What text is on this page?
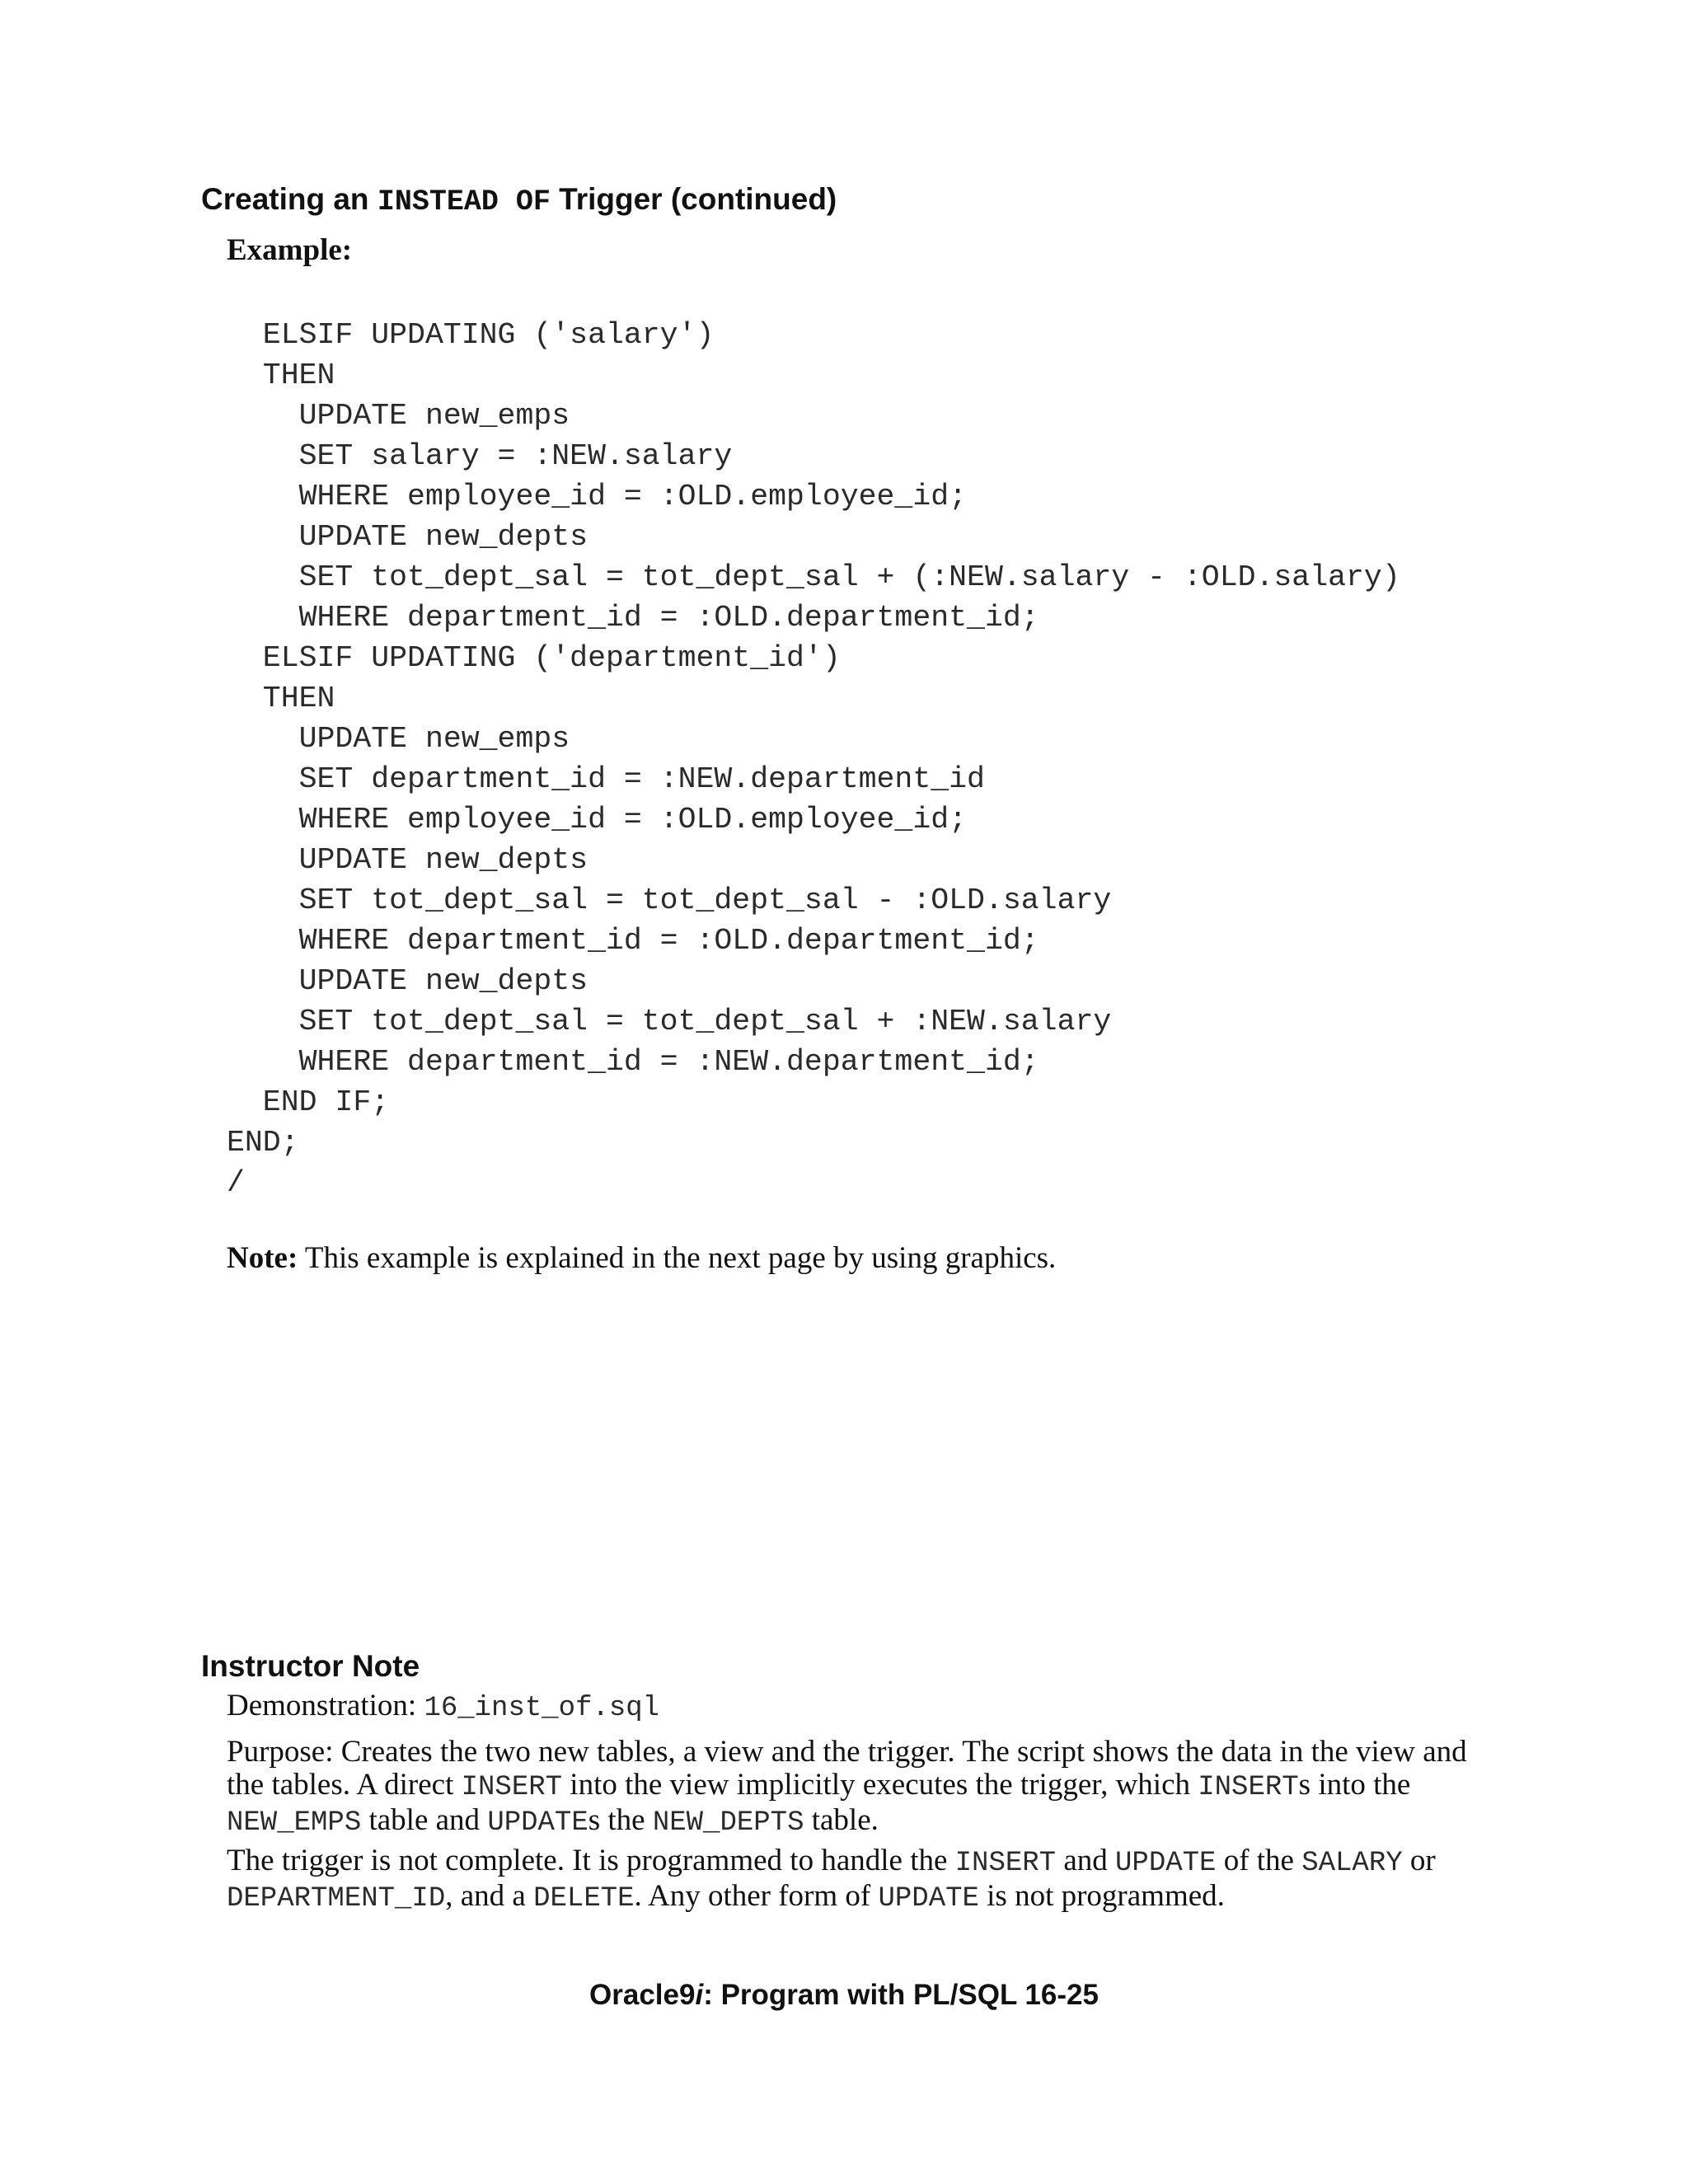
Creating an INSTEAD OF Trigger (continued)
Example:
ELSIF UPDATING ('salary')
THEN
UPDATE new_emps
SET salary = :NEW.salary
WHERE employee_id = :OLD.employee_id;
UPDATE new_depts
SET tot_dept_sal = tot_dept_sal + (:NEW.salary - :OLD.salary)
WHERE department_id = :OLD.department_id;
ELSIF UPDATING ('department_id')
THEN
UPDATE new_emps
SET department_id = :NEW.department_id
WHERE employee_id = :OLD.employee_id;
UPDATE new_depts
SET tot_dept_sal = tot_dept_sal - :OLD.salary
WHERE department_id = :OLD.department_id;
UPDATE new_depts
SET tot_dept_sal = tot_dept_sal + :NEW.salary
WHERE department_id = :NEW.department_id;
END IF;
END;
/
Note: This example is explained in the next page by using graphics.
Instructor Note

Demonstration: 16_inst_of.sql

Purpose: Creates the two new tables, a view and the trigger. The script shows the data in the view and the tables. A direct INSERT into the view implicitly executes the trigger, which INSERTs into the NEW_EMPS table and UPDATEs the NEW_DEPTS table.

The trigger is not complete. It is programmed to handle the INSERT and UPDATE of the SALARY or DEPARTMENT_ID, and a DELETE. Any other form of UPDATE is not programmed.

Oracle9i: Program with PL/SQL 16-25
